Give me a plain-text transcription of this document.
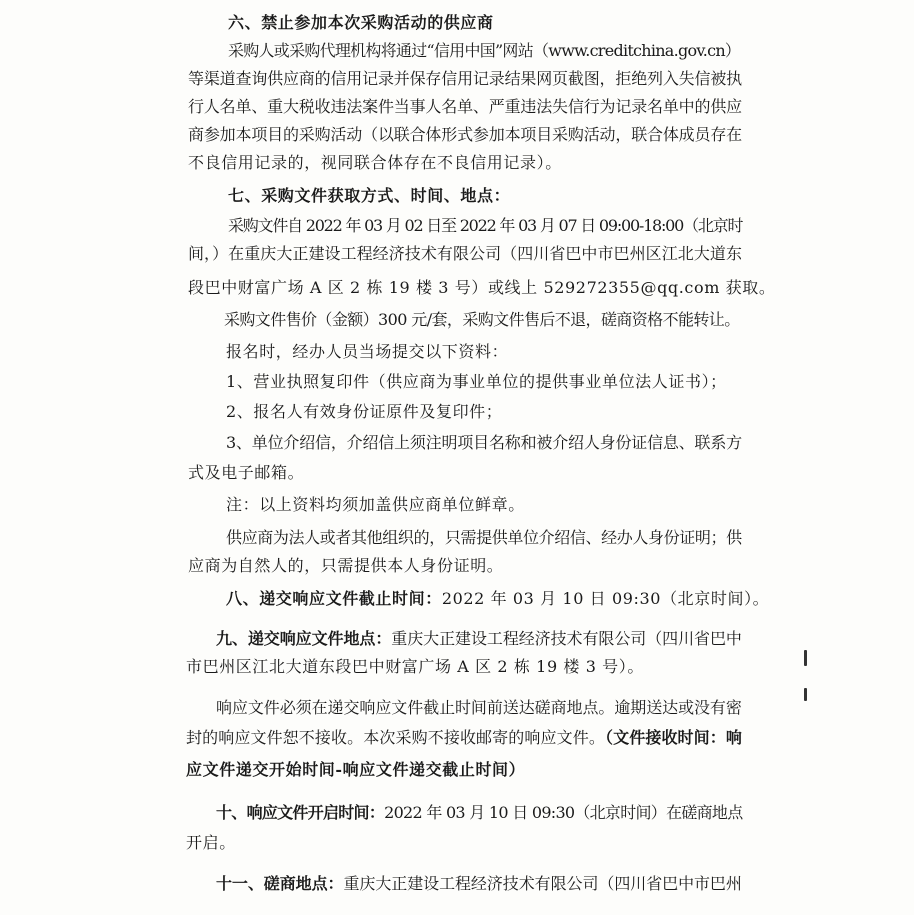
六、禁止参加本次采购活动的供应商
采购人或采购代理机构将通过“信用中国”网站（www.creditchina.gov.cn）
等渠道查询供应商的信用记录并保存信用记录结果网页截图，拒绝列入失信被执
行人名单、重大税收违法案件当事人名单、严重违法失信行为记录名单中的供应
商参加本项目的采购活动（以联合体形式参加本项目采购活动，联合体成员存在
不良信用记录的，视同联合体存在不良信用记录）。
七、采购文件获取方式、时间、地点：
采购文件自 2022 年 03 月 02 日至 2022 年 03 月 07 日 09:00-18:00（北京时
间，）在重庆大正建设工程经济技术有限公司（四川省巴中市巴州区江北大道东
段巴中财富广场 A 区 2 栋 19 楼 3 号）或线上 529272355@qq.com 获取。
采购文件售价（金额）300 元/套，采购文件售后不退，磋商资格不能转让。
报名时，经办人员当场提交以下资料：
1、营业执照复印件（供应商为事业单位的提供事业单位法人证书）；
2、报名人有效身份证原件及复印件；
3、单位介绍信，介绍信上须注明项目名称和被介绍人身份证信息、联系方
式及电子邮箱。
注：以上资料均须加盖供应商单位鲜章。
供应商为法人或者其他组织的，只需提供单位介绍信、经办人身份证明；供
应商为自然人的，只需提供本人身份证明。
八、递交响应文件截止时间：2022 年 03 月 10 日 09:30（北京时间）。
九、递交响应文件地点：重庆大正建设工程经济技术有限公司（四川省巴中
市巴州区江北大道东段巴中财富广场 A 区 2 栋 19 楼 3 号）。
响应文件必须在递交响应文件截止时间前送达磋商地点。逾期送达或没有密
封的响应文件恕不接收。本次采购不接收邮寄的响应文件。（文件接收时间：响
应文件递交开始时间-响应文件递交截止时间）
十、响应文件开启时间：2022 年 03 月 10 日 09:30（北京时间）在磋商地点
开启。
十一、磋商地点：重庆大正建设工程经济技术有限公司（四川省巴中市巴州
